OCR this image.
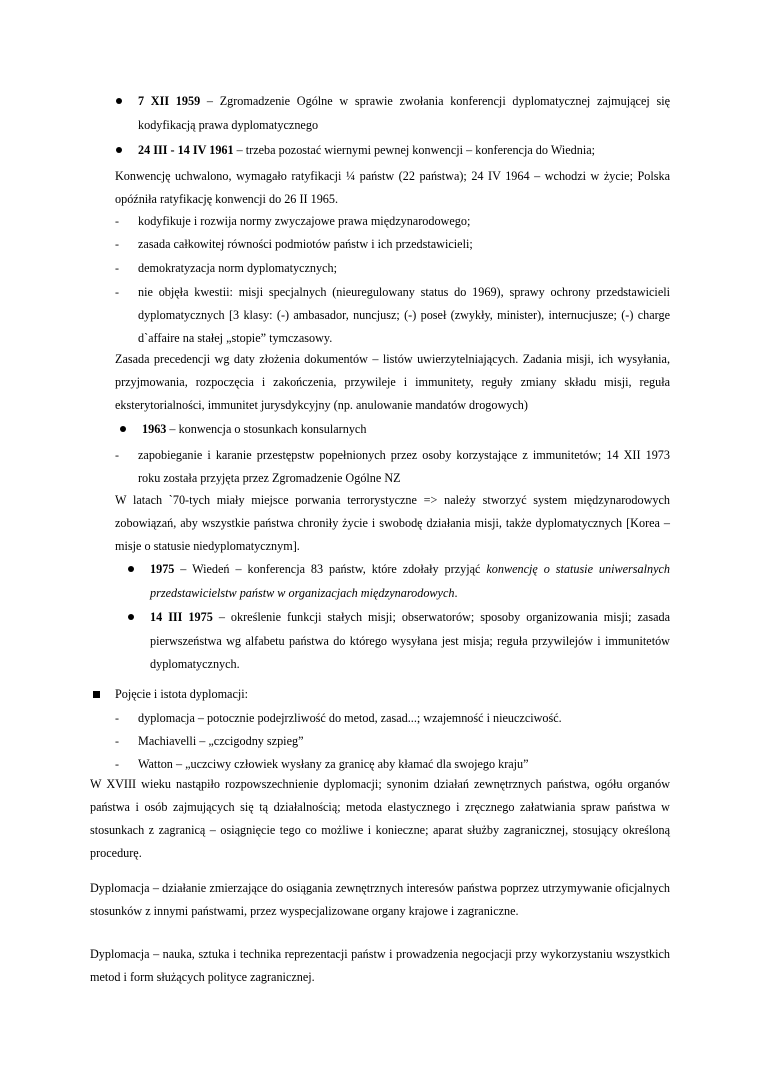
7 XII 1959 – Zgromadzenie Ogólne w sprawie zwołania konferencji dyplomatycznej zajmującej się kodyfikacją prawa dyplomatycznego
24 III - 14 IV 1961 – trzeba pozostać wiernymi pewnej konwencji – konferencja do Wiednia;
Konwencję uchwalono, wymagało ratyfikacji ¼ państw (22 państwa); 24 IV 1964 – wchodzi w życie; Polska opóźniła ratyfikację konwencji do 26 II 1965.
- kodyfikuje i rozwija normy zwyczajowe prawa międzynarodowego;
- zasada całkowitej równości podmiotów państw i ich przedstawicieli;
- demokratyzacja norm dyplomatycznych;
- nie objęła kwestii: misji specjalnych (nieuregulowany status do 1969), sprawy ochrony przedstawicieli dyplomatycznych [3 klasy: (-) ambasador, nuncjusz; (-) poseł (zwykły, minister), internucjusze; (-) charge d`affaire na stałej „stopie” tymczasowy.
Zasada precedencji wg daty złożenia dokumentów – listów uwierzytelniających. Zadania misji, ich wysyłania, przyjmowania, rozpoczęcia i zakończenia, przywileje i immunitety, reguły zmiany składu misji, reguła eksterytorialności, immunitet jurysdykcyjny (np. anulowanie mandatów drogowych)
1963 – konwencja o stosunkach konsularnych
- zapobieganie i karanie przestępstw popełnionych przez osoby korzystające z immunitetów; 14 XII 1973 roku została przyjęta przez Zgromadzenie Ogólne NZ
W latach `70-tych miały miejsce porwania terrorystyczne => należy stworzyć system międzynarodowych zobowiązań, aby wszystkie państwa chroniły życie i swobodę działania misji, także dyplomatycznych [Korea – misje o statusie niedyplomatycznym].
1975 – Wiedeń – konferencja 83 państw, które zdołały przyjąć konwencję o statusie uniwersalnych przedstawicielstw państw w organizacjach międzynarodowych.
14 III 1975 – określenie funkcji stałych misji; obserwatorów; sposoby organizowania misji; zasada pierwszeństwa wg alfabetu państwa do którego wysyłana jest misja; reguła przywilejów i immunitetów dyplomatycznych.
Pojęcie i istota dyplomacji:
- dyplomacja – potocznie podejrzliwość do metod, zasad...; wzajemność i nieuczciwość.
- Machiavelli – „czcigodny szpieg”
- Watton – „uczciwy człowiek wysłany za granicę aby kłamać dla swojego kraju”
W XVIII wieku nastąpiło rozpowszechnienie dyplomacji; synonim działań zewnętrznych państwa, ogółu organów państwa i osób zajmujących się tą działalnością; metoda elastycznego i zręcznego załatwiania spraw państwa w stosunkach z zagranicą – osiągnięcie tego co możliwe i konieczne; aparat służby zagranicznej, stosujący określoną procedurę.
Dyplomacja – działanie zmierzające do osiągania zewnętrznych interesów państwa poprzez utrzymywanie oficjalnych stosunków z innymi państwami, przez wyspecjalizowane organy krajowe i zagraniczne.
Dyplomacja – nauka, sztuka i technika reprezentacji państw i prowadzenia negocjacji przy wykorzystaniu wszystkich metod i form służących polityce zagranicznej.
